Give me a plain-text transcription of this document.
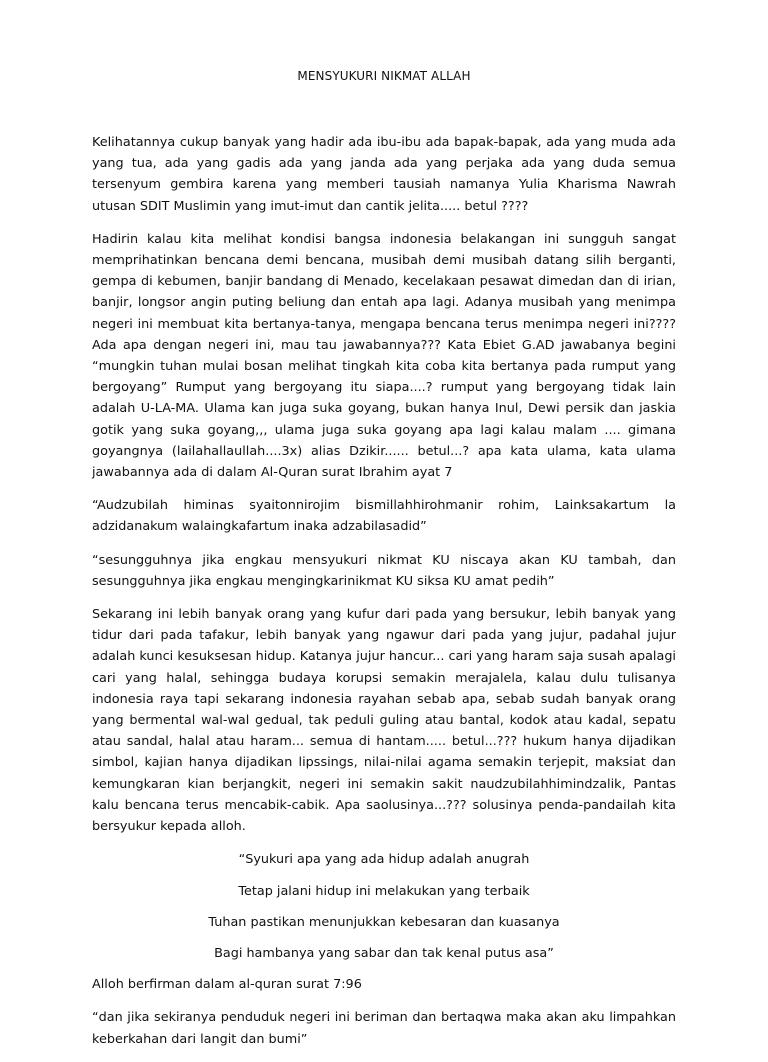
MENSYUKURI NIKMAT ALLAH

Kelihatannya cukup banyak yang hadir ada ibu-ibu ada bapak-bapak, ada yang muda ada yang tua, ada yang gadis ada yang janda ada yang perjaka ada yang duda semua tersenyum gembira karena yang memberi tausiah namanya Yulia Kharisma Nawrah utusan SDIT Muslimin yang imut-imut dan cantik jelita..... betul ????

Hadirin kalau kita melihat kondisi bangsa indonesia belakangan ini sungguh sangat memprihatinkan bencana demi bencana, musibah demi musibah datang silih berganti, gempa di kebumen, banjir bandang di Menado, kecelakaan pesawat dimedan dan di irian, banjir, longsor angin puting beliung dan entah apa lagi. Adanya musibah yang menimpa negeri ini membuat kita bertanya-tanya, mengapa bencana terus menimpa negeri ini???? Ada apa dengan negeri ini, mau tau jawabannya??? Kata Ebiet G.AD jawabanya begini “mungkin tuhan mulai bosan melihat tingkah kita coba kita bertanya pada rumput yang bergoyang” Rumput yang bergoyang itu siapa....? rumput yang bergoyang tidak lain adalah U-LA-MA. Ulama kan juga suka goyang, bukan hanya Inul, Dewi persik dan jaskia gotik yang suka goyang,,, ulama juga suka goyang apa lagi kalau malam .... gimana goyangnya (lailahallaullah....3x) alias Dzikir...... betul...? apa kata ulama, kata ulama jawabannya ada di dalam Al-Quran surat Ibrahim ayat 7

“Audzubilah himinas syaitonnirojim bismillahhirohmanir rohim, Lainksakartum la adzidanakum walaingkafartum inaka adzabilasadid”

“sesungguhnya jika engkau mensyukuri nikmat KU niscaya akan KU tambah, dan sesungguhnya jika engkau mengingkarinikmat KU siksa KU amat pedih”

Sekarang ini lebih banyak orang yang kufur dari pada yang bersukur, lebih banyak yang tidur dari pada tafakur, lebih banyak yang ngawur dari pada yang jujur, padahal jujur adalah kunci kesuksesan hidup. Katanya jujur hancur... cari yang haram saja susah apalagi cari yang halal, sehingga budaya korupsi semakin merajalela, kalau dulu tulisanya indonesia raya tapi sekarang indonesia rayahan sebab apa, sebab sudah banyak orang yang bermental wal-wal gedual, tak peduli guling atau bantal, kodok atau kadal, sepatu atau sandal, halal atau haram... semua di hantam..... betul...??? hukum hanya dijadikan simbol, kajian hanya dijadikan lipssings, nilai-nilai agama semakin terjepit, maksiat dan kemungkaran kian berjangkit, negeri ini semakin sakit naudzubilahhimindzalik, Pantas kalu bencana terus mencabik-cabik. Apa saolusinya...??? solusinya penda-pandailah kita bersyukur kepada alloh.

“Syukuri apa yang ada hidup adalah anugrah

Tetap jalani hidup ini melakukan yang terbaik

Tuhan pastikan menunjukkan kebesaran dan kuasanya

Bagi hambanya yang sabar dan tak kenal putus asa”

Alloh berfirman dalam al-quran surat 7:96

“dan jika sekiranya penduduk negeri ini beriman dan bertaqwa maka akan aku limpahkan keberkahan dari langit dan bumi”
